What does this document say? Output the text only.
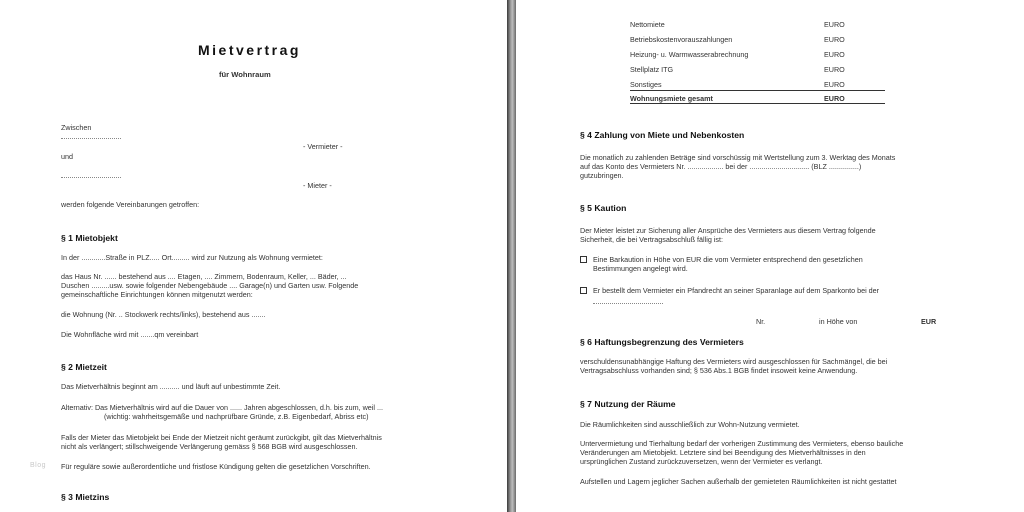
Mietvertrag
für Wohnraum
Zwischen
- Vermieter -
und
- Mieter -
werden folgende Vereinbarungen getroffen:
§ 1 Mietobjekt
In der ............Straße in PLZ..... Ort......... wird zur Nutzung als Wohnung vermietet:
das Haus Nr. ...... bestehend aus .... Etagen, .... Zimmern, Bodenraum, Keller, ... Bäder, ...
Duschen .........usw. sowie folgender Nebengebäude .... Garage(n) und Garten usw. Folgende
gemeinschaftliche Einrichtungen können mitgenutzt werden:
die Wohnung (Nr. .. Stockwerk rechts/links), bestehend aus .......
Die Wohnfläche wird mit .......qm vereinbart
§ 2 Mietzeit
Das Mietverhältnis beginnt am .......... und läuft auf unbestimmte Zeit.
Alternativ: Das Mietverhältnis wird auf die Dauer von ...... Jahren abgeschlossen, d.h. bis zum, weil ...
(wichtig: wahrheitsgemäße und nachprüfbare Gründe, z.B. Eigenbedarf, Abriss etc)
Falls der Mieter das Mietobjekt bei Ende der Mietzeit nicht geräumt zurückgibt, gilt das Mietverhältnis
nicht als verlängert; stillschweigende Verlängerung gemäss § 568 BGB wird ausgeschlossen.
Für reguläre sowie außerordentliche und fristlose Kündigung gelten die gesetzlichen Vorschriften.
§ 3 Mietzins
Blog
Nettomiete	EURO
Betriebskostenvorauszahlungen	EURO
Heizung- u. Warmwasserabrechnung	EURO
Stellplatz ITG	EURO
Sonstiges	EURO
Wohnungsmiete gesamt	EURO
§ 4 Zahlung von Miete und Nebenkosten
Die monatlich zu zahlenden Beträge sind vorschüssig mit Wertstellung zum 3. Werktag des Monats
auf das Konto des Vermieters Nr. .................. bei der .............................. (BLZ ...............)
gutzubringen.
§ 5 Kaution
Der Mieter leistet zur Sicherung aller Ansprüche des Vermieters aus diesem Vertrag folgende
Sicherheit, die bei Vertragsabschluß fällig ist:
Eine Barkaution in Höhe von EUR die vom Vermieter entsprechend den gesetzlichen
Bestimmungen angelegt wird.
Er bestellt dem Vermieter ein Pfandrecht an seiner Sparanlage auf dem Sparkonto bei der
Nr.	in Höhe von	EUR
§ 6 Haftungsbegrenzung des Vermieters
verschuldensunabhängige Haftung des Vermieters wird ausgeschlossen für Sachmängel, die bei
Vertragsabschluss vorhanden sind; § 536 Abs.1 BGB findet insoweit keine Anwendung.
§ 7 Nutzung der Räume
Die Räumlichkeiten sind ausschließlich zur Wohn-Nutzung vermietet.
Untervermietung und Tierhaltung bedarf der vorherigen Zustimmung des Vermieters, ebenso bauliche
Veränderungen am Mietobjekt. Letztere sind bei Beendigung des Mietverhältnisses in den
ursprünglichen Zustand zurückzuversetzen, wenn der Vermieter es verlangt.
Aufstellen und Lagern jeglicher Sachen außerhalb der gemieteten Räumlichkeiten ist nicht gestattet
